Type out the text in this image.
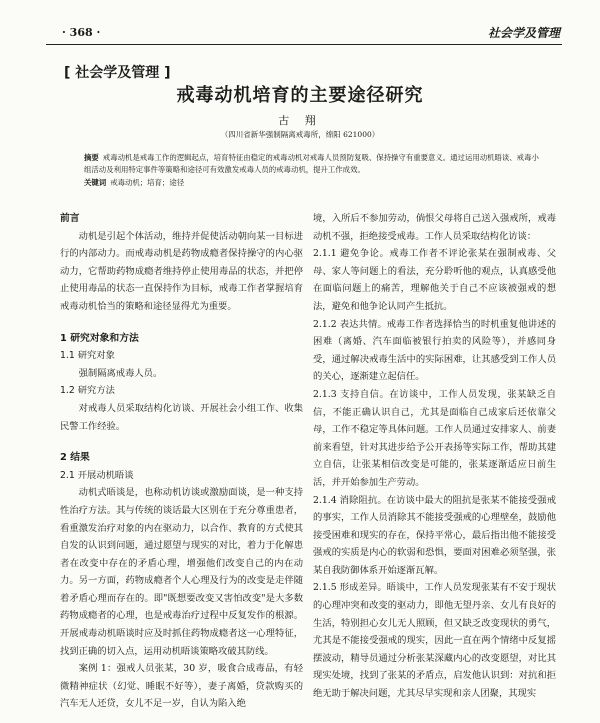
· 368 ·	社会学及管理
[ 社会学及管理 ]
戒毒动机培育的主要途径研究
古 翔
（四川省新华强制隔离戒毒所，绵阳 621000）
摘要 戒毒动机是戒毒工作的逻辑起点，培育特征由稳定的戒毒动机对戒毒人员预防复吸、保持操守有重要意义。通过运用动机晤谈、戒毒小组活动及利用特定事件等策略和途径可有效激发戒毒人员的戒毒动机，提升工作成效。
关键词 戒毒动机；培育；途径

前言

动机是引起个体活动，维持并促使活动朝向某一目标进行的内部动力。而戒毒动机是药物成瘾者保持操守的内心驱动力，它帮助药物成瘾者维持停止使用毒品的状态，并把停止使用毒品的状态一直保持作为目标，戒毒工作者掌握培育戒毒动机恰当的策略和途径显得尤为重要。

1 研究对象和方法

1.1 研究对象

强制隔离戒毒人员。

1.2 研究方法

对戒毒人员采取结构化访谈、开展社会小组工作、收集民警工作经验。

2 结果

2.1 开展动机晤谈

动机式晤谈是，也称动机访谈或激励面谈，是一种支持性治疗方法。其与传统的谈话最大区别在于充分尊重患者，看重激发治疗对象的内在驱动力，以合作、教育的方式使其自发的认识到问题，通过愿望与现实的对比，着力于化解患者在改变中存在的矛盾心理，增强他们改变自己的内在动力。另一方面，药物成瘾者个人心理及行为的改变是走伴随着矛盾心理而存在的。即"既想要改变又害怕改变"是大多数药物成瘾者的心理，也是戒毒治疗过程中反复发作的根源。开展戒毒动机晤谈时应及时抓住药物成瘾者这一心理特征，找到正确的切入点，运用动机晤谈策略攻破其防线。

案例 1：强戒人员张某，30 岁，吸食合成毒品，有轻微精神症状（幻觉、睡眠不好等），妻子离婚，贷款购买的汽车无人还贷，女儿不足一岁，自认为陷入绝

境，入所后不参加劳动，倘恨父母将自己送入强戒所，戒毒动机不强，拒绝接受戒毒。工作人员采取结构化访谈：

2.1.1 避免争论。戒毒工作者不评论张某在强制戒毒、父母、家人等问题上的看法，充分聆听他的观点，认真感受他在面临问题上的痛苦，理解他关于自己不应该被强戒的想法，避免和他争论认同产生抵抗。

2.1.2 表达共情。戒毒工作者选择恰当的时机重复他讲述的困难（离婚、汽车面临被银行拍卖的风险等），并感同身受，通过解决戒毒生活中的实际困难，让其感受到工作人员的关心，逐渐建立起信任。

2.1.3 支持自信。在访谈中，工作人员发现，张某缺乏自信，不能正确认识自己，尤其是面临自己成家后还依靠父母，工作不稳定等具体问题。工作人员通过安排家人、前妻前来看望，针对其进步给予公开表扬等实际工作，帮助其建立自信，让张某相信改变是可能的，张某逐渐适应日前生活，并开始参加生产劳动。

2.1.4 消除阻抗。在访谈中最大的阻抗是张某不能接受强戒的事实，工作人员消除其不能接受强戒的心理壁垒，鼓励他接受困难和现实的存在，保持平常心，最后指出他不能接受强戒的实质是内心的软弱和恐惧，要面对困难必须坚强，张某自我防御体系开始逐渐瓦解。

2.1.5 形成差异。晤谈中，工作人员发现张某有不安于现状的心理冲突和改变的驱动力，即他无望丹亲、女儿有良好的生活，特别担心女儿无人照顾，但又缺乏改变现状的勇气，尤其是不能接受强戒的现实，因此一直在两个情绪中反复摇摆波动，精导员通过分析张某深藏内心的改变愿望，对比其现实处境，找到了张某的矛盾点，启发他认识到：对抗和拒绝无助于解决问题，尤其尽早实现和亲人团聚，其现实
